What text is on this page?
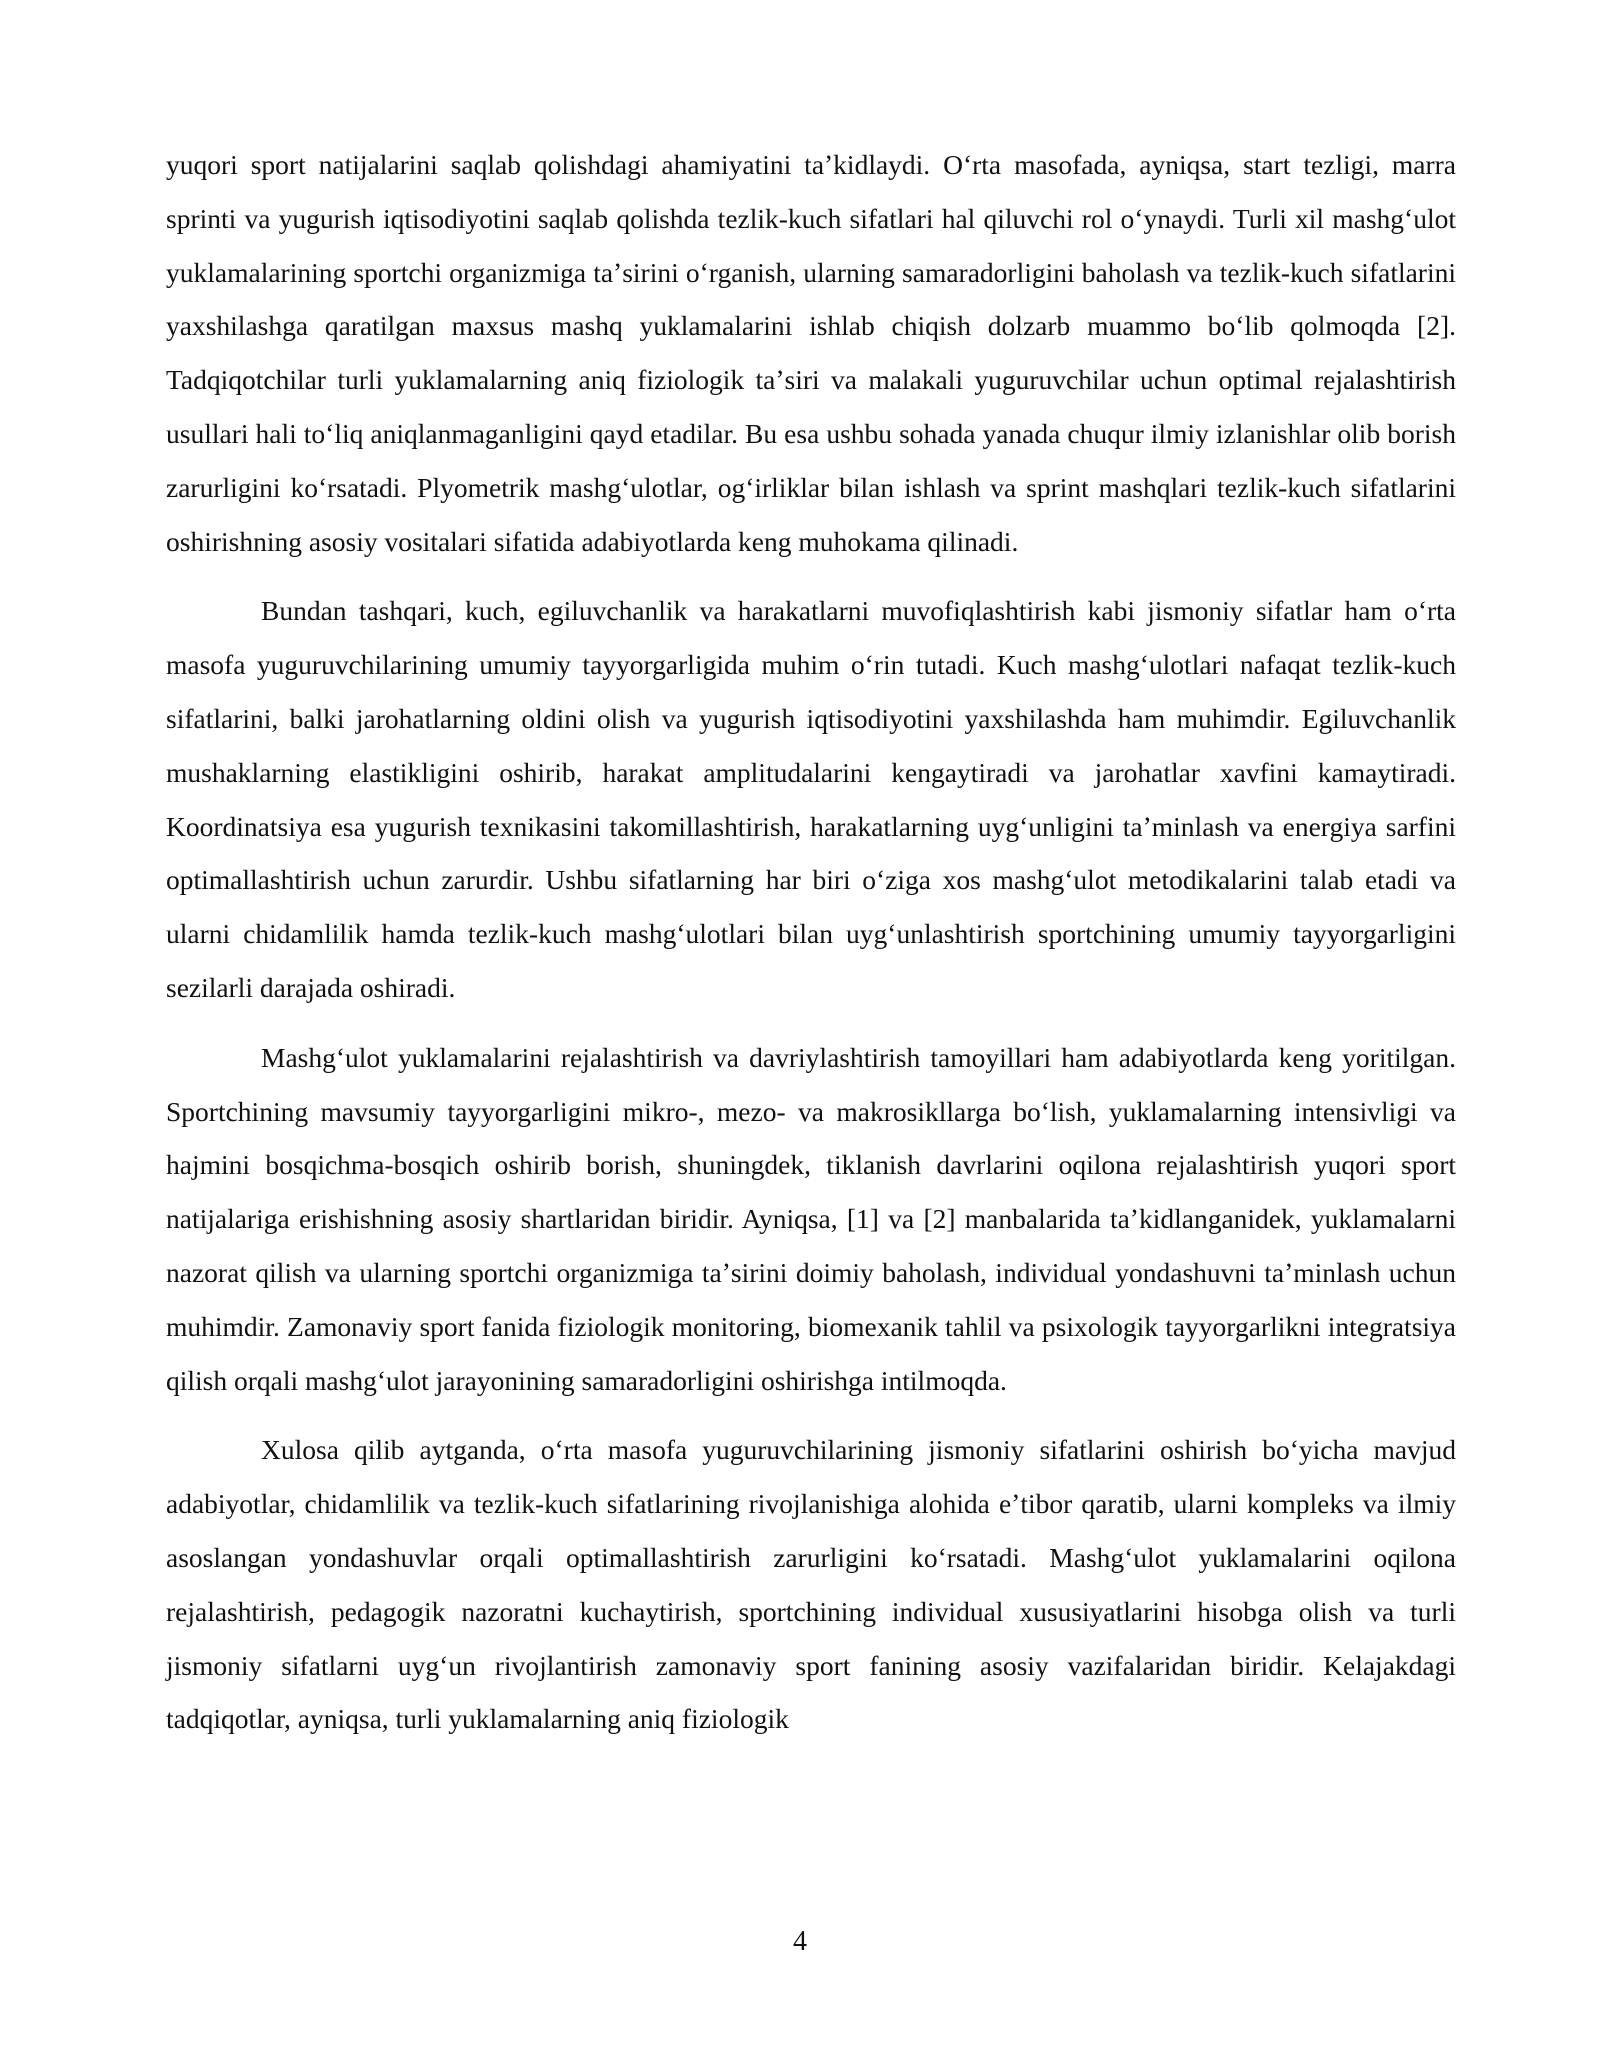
yuqori sport natijalarini saqlab qolishdagi ahamiyatini taʼkidlaydi. Oʻrta masofada, ayniqsa, start tezligi, marra sprinti va yugurish iqtisodiyotini saqlab qolishda tezlik-kuch sifatlari hal qiluvchi rol oʻynaydi. Turli xil mashgʻulot yuklamalarining sportchi organizmiga taʼsirini oʻrganish, ularning samaradorligini baholash va tezlik-kuch sifatlarini yaxshilashga qaratilgan maxsus mashq yuklamalarini ishlab chiqish dolzarb muammo boʻlib qolmoqda [2]. Tadqiqotchilar turli yuklamalarning aniq fiziologik taʼsiri va malakali yuguruvchilar uchun optimal rejalashtirish usullari hali toʻliq aniqlanmaganligini qayd etadilar. Bu esa ushbu sohada yanada chuqur ilmiy izlanishlar olib borish zarurligini koʻrsatadi. Plyometrik mashgʻulotlar, ogʻirliklar bilan ishlash va sprint mashqlari tezlik-kuch sifatlarini oshirishning asosiy vositalari sifatida adabiyotlarda keng muhokama qilinadi.

Bundan tashqari, kuch, egiluvchanlik va harakatlarni muvofiqlashtirish kabi jismoniy sifatlar ham oʻrta masofa yuguruvchilarining umumiy tayyorgarligida muhim oʻrin tutadi. Kuch mashgʻulotlari nafaqat tezlik-kuch sifatlarini, balki jarohatlarning oldini olish va yugurish iqtisodiyotini yaxshilashda ham muhimdir. Egiluvchanlik mushaklarning elastikligini oshirib, harakat amplitudalarini kengaytiradi va jarohatlar xavfini kamaytiradi. Koordinatsiya esa yugurish texnikasini takomillashtirish, harakatlarning uygʻunligini taʼminlash va energiya sarfini optimallashtirish uchun zarurdir. Ushbu sifatlarning har biri oʻziga xos mashgʻulot metodikalarini talab etadi va ularni chidamlilik hamda tezlik-kuch mashgʻulotlari bilan uygʻunlashtirish sportchining umumiy tayyorgarligini sezilarli darajada oshiradi.

Mashgʻulot yuklamalarini rejalashtirish va davriylashtirish tamoyillari ham adabiyotlarda keng yoritilgan. Sportchining mavsumiy tayyorgarligini mikro-, mezo- va makrosikllarga boʻlish, yuklamalarning intensivligi va hajmini bosqichma-bosqich oshirib borish, shuningdek, tiklanish davrlarini oqilona rejalashtirish yuqori sport natijalariga erishishning asosiy shartlaridan biridir. Ayniqsa, [1] va [2] manbalarida taʼkidlanganidek, yuklamalarni nazorat qilish va ularning sportchi organizmiga taʼsirini doimiy baholash, individual yondashuvni taʼminlash uchun muhimdir. Zamonaviy sport fanida fiziologik monitoring, biomexanik tahlil va psixologik tayyorgarlikni integratsiya qilish orqali mashgʻulot jarayonining samaradorligini oshirishga intilmoqda.

Xulosa qilib aytganda, oʻrta masofa yuguruvchilarining jismoniy sifatlarini oshirish boʻyicha mavjud adabiyotlar, chidamlilik va tezlik-kuch sifatlarining rivojlanishiga alohida eʼtibor qaratib, ularni kompleks va ilmiy asoslangan yondashuvlar orqali optimallashtirish zarurligini koʻrsatadi. Mashgʻulot yuklamalarini oqilona rejalashtirish, pedagogik nazoratni kuchaytirish, sportchining individual xususiyatlarini hisobga olish va turli jismoniy sifatlarni uygʻun rivojlantirish zamonaviy sport fanining asosiy vazifalaridan biridir. Kelajakdagi tadqiqotlar, ayniqsa, turli yuklamalarning aniq fiziologik

4
